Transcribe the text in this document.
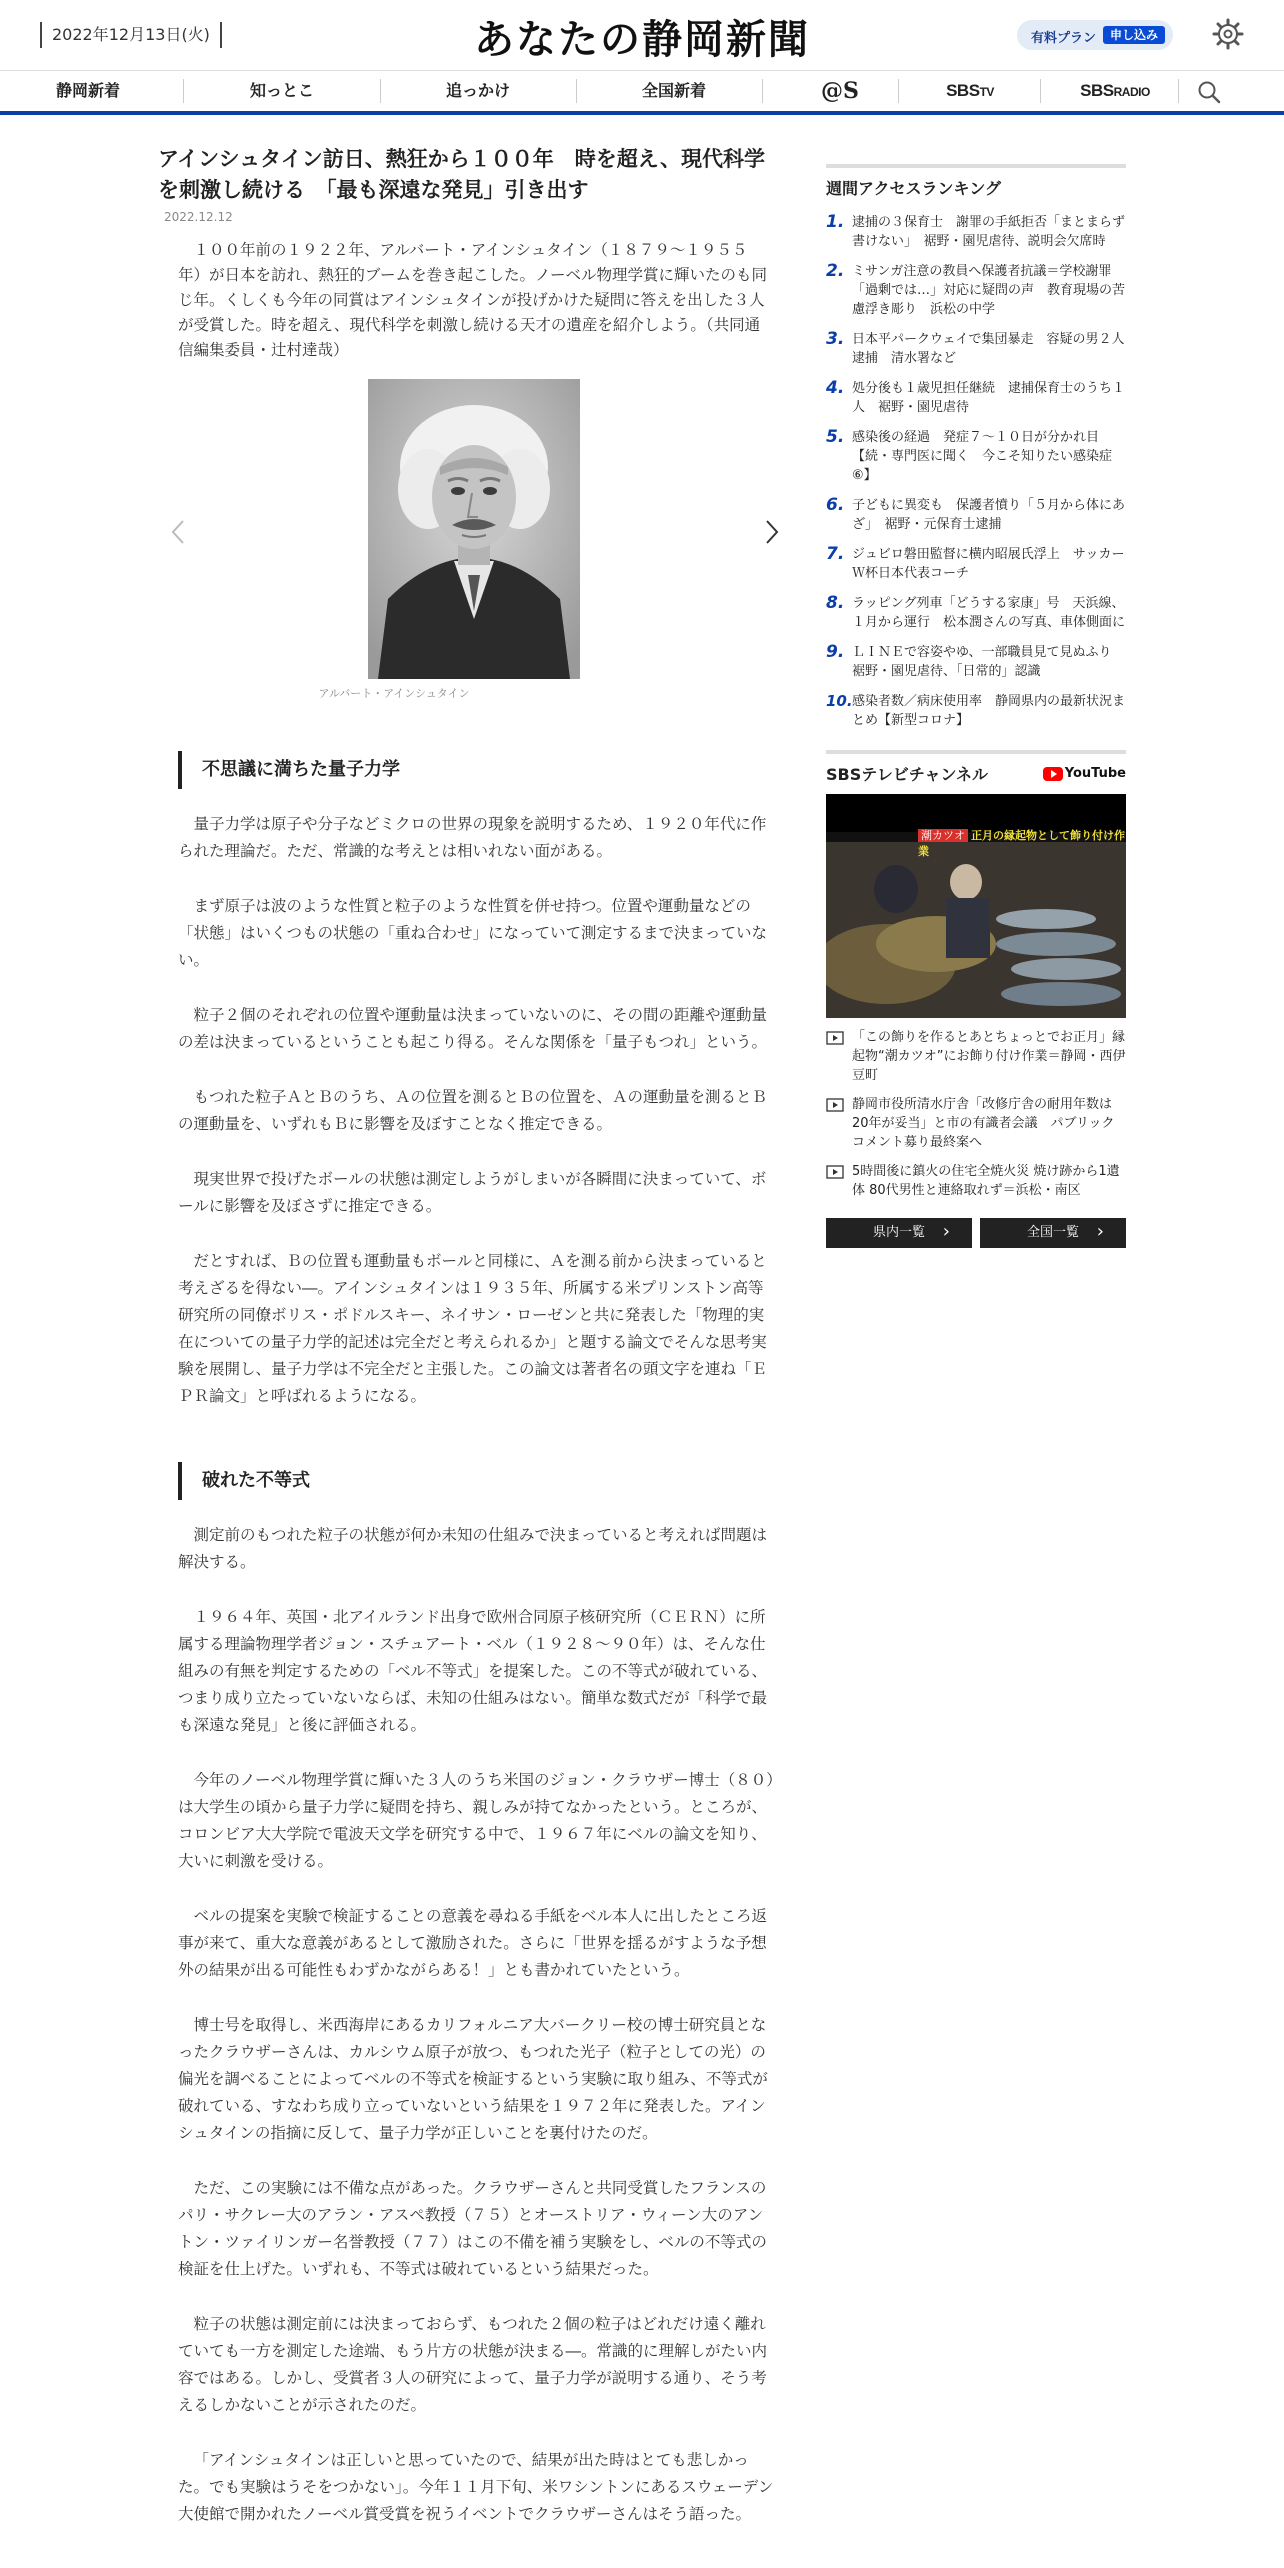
2022年12月13日(火)	あなたの静岡新聞	有料プラン	申し込み
静岡新着	知っとこ	追っかけ	全国新着	@S	SBSTV	SBSRADIO
アインシュタイン訪日、熱狂から１００年　時を超え、現代科学を刺激し続ける　「最も深遠な発見」引き出す
2022.12.12

１００年前の１９２２年、アルバート・アインシュタイン（１８７９～１９５５年）が日本を訪れ、熱狂的ブームを巻き起こした。ノーベル物理学賞に輝いたのも同じ年。くしくも今年の同賞はアインシュタインが投げかけた疑問に答えを出した３人が受賞した。時を超え、現代科学を刺激し続ける天才の遺産を紹介しよう。（共同通信編集委員・辻村達哉）

アルバート・アインシュタイン
不思議に満ちた量子力学

量子力学は原子や分子などミクロの世界の現象を説明するため、１９２０年代に作られた理論だ。ただ、常識的な考えとは相いれない面がある。

まず原子は波のような性質と粒子のような性質を併せ持つ。位置や運動量などの「状態」はいくつもの状態の「重ね合わせ」になっていて測定するまで決まっていない。

粒子２個のそれぞれの位置や運動量は決まっていないのに、その間の距離や運動量の差は決まっているということも起こり得る。そんな関係を「量子もつれ」という。

もつれた粒子ＡとＢのうち、Ａの位置を測るとＢの位置を、Ａの運動量を測るとＢの運動量を、いずれもＢに影響を及ぼすことなく推定できる。

現実世界で投げたボールの状態は測定しようがしまいが各瞬間に決まっていて、ボールに影響を及ぼさずに推定できる。

だとすれば、Ｂの位置も運動量もボールと同様に、Ａを測る前から決まっていると考えざるを得ない―。アインシュタインは１９３５年、所属する米プリンストン高等研究所の同僚ボリス・ポドルスキー、ネイサン・ローゼンと共に発表した「物理的実在についての量子力学的記述は完全だと考えられるか」と題する論文でそんな思考実験を展開し、量子力学は不完全だと主張した。この論文は著者名の頭文字を連ね「ＥＰＲ論文」と呼ばれるようになる。

破れた不等式

測定前のもつれた粒子の状態が何か未知の仕組みで決まっていると考えれば問題は解決する。

１９６４年、英国・北アイルランド出身で欧州合同原子核研究所（ＣＥＲＮ）に所属する理論物理学者ジョン・スチュアート・ベル（１９２８～９０年）は、そんな仕組みの有無を判定するための「ベル不等式」を提案した。この不等式が破れている、つまり成り立たっていないならば、未知の仕組みはない。簡単な数式だが「科学で最も深遠な発見」と後に評価される。

今年のノーベル物理学賞に輝いた３人のうち米国のジョン・クラウザー博士（８０）は大学生の頃から量子力学に疑問を持ち、親しみが持てなかったという。ところが、コロンビア大大学院で電波天文学を研究する中で、１９６７年にベルの論文を知り、大いに刺激を受ける。

ベルの提案を実験で検証することの意義を尋ねる手紙をベル本人に出したところ返事が来て、重大な意義があるとして激励された。さらに「世界を揺るがすような予想外の結果が出る可能性もわずかながらある！」とも書かれていたという。

博士号を取得し、米西海岸にあるカリフォルニア大バークリー校の博士研究員となったクラウザーさんは、カルシウム原子が放つ、もつれた光子（粒子としての光）の偏光を調べることによってベルの不等式を検証するという実験に取り組み、不等式が破れている、すなわち成り立っていないという結果を１９７２年に発表した。アインシュタインの指摘に反して、量子力学が正しいことを裏付けたのだ。

ただ、この実験には不備な点があった。クラウザーさんと共同受賞したフランスのパリ・サクレー大のアラン・アスペ教授（７５）とオーストリア・ウィーン大のアントン・ツァイリンガー名誉教授（７７）はこの不備を補う実験をし、ベルの不等式の検証を仕上げた。いずれも、不等式は破れているという結果だった。

粒子の状態は測定前には決まっておらず、もつれた２個の粒子はどれだけ遠く離れていても一方を測定した途端、もう片方の状態が決まる―。常識的に理解しがたい内容ではある。しかし、受賞者３人の研究によって、量子力学が説明する通り、そう考えるしかないことが示されたのだ。

「アインシュタインは正しいと思っていたので、結果が出た時はとても悲しかった。でも実験はうそをつかない」。今年１１月下旬、米ワシントンにあるスウェーデン大使館で開かれたノーベル賞受賞を祝うイベントでクラウザーさんはそう語った。

週間アクセスランキング
1. 逮捕の３保育士　謝罪の手紙拒否「まとまらず書けない」　裾野・園児虐待、説明会欠席時
2. ミサンガ注意の教員へ保護者抗議＝学校謝罪「過剰では…」対応に疑問の声　教育現場の苦慮浮き彫り　浜松の中学
3. 日本平パークウェイで集団暴走　容疑の男２人逮捕　清水署など
4. 処分後も１歳児担任継続　逮捕保育士のうち１人　裾野・園児虐待
5. 感染後の経過　発症７～１０日が分かれ目【続・専門医に聞く　今こそ知りたい感染症⑥】
6. 子どもに異変も　保護者憤り「５月から体にあざ」　裾野・元保育士逮捕
7. ジュビロ磐田監督に横内昭展氏浮上　サッカーＷ杯日本代表コーチ
8. ラッピング列車「どうする家康」号　天浜線、１月から運行　松本潤さんの写真、車体側面に
9. ＬＩＮＥで容姿やゆ、一部職員見て見ぬふり　裾野・園児虐待、「日常的」認識
10. 感染者数／病床使用率　静岡県内の最新状況まとめ【新型コロナ】
SBSテレビチャンネル	YouTube
潮カツオ 正月の縁起物として飾り付け作業
「この飾りを作るとあとちょっとでお正月」縁起物“潮カツオ”にお飾り付け作業＝静岡・西伊豆町
静岡市役所清水庁舎「改修庁舎の耐用年数は20年が妥当」と市の有識者会議　パブリックコメント募り最終案へ
5時間後に鎮火の住宅全焼火災 焼け跡から1遺体 80代男性と連絡取れず＝浜松・南区
県内一覧 ›	全国一覧 ›
